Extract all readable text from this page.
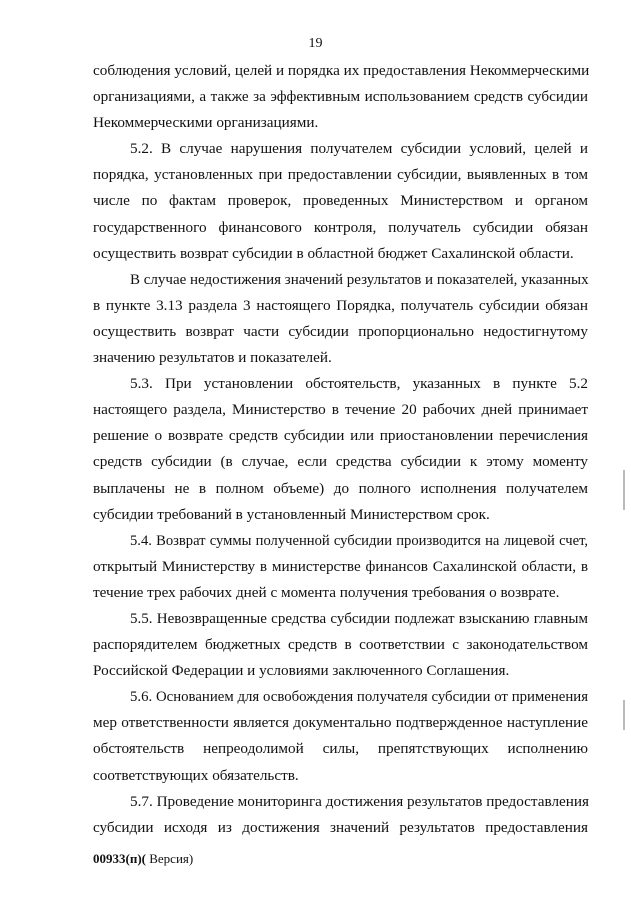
19
соблюдения условий, целей и порядка их предоставления Некоммерческими
организациями, а также за эффективным использованием средств субсидии
Некоммерческими организациями.
5.2. В случае нарушения получателем субсидии условий, целей и
порядка, установленных при предоставлении субсидии, выявленных в том
числе по фактам проверок, проведенных Министерством и органом
государственного финансового контроля, получатель субсидии обязан
осуществить возврат субсидии в областной бюджет Сахалинской области.
В случае недостижения значений результатов и показателей, указанных
в пункте 3.13 раздела 3 настоящего Порядка, получатель субсидии обязан
осуществить возврат части субсидии пропорционально недостигнутому
значению результатов и показателей.
5.3. При установлении обстоятельств, указанных в пункте 5.2
настоящего раздела, Министерство в течение 20 рабочих дней принимает
решение о возврате средств субсидии или приостановлении перечисления
средств субсидии (в случае, если средства субсидии к этому моменту
выплачены не в полном объеме) до полного исполнения получателем
субсидии требований в установленный Министерством срок.
5.4. Возврат суммы полученной субсидии производится на лицевой счет,
открытый Министерству в министерстве финансов Сахалинской области, в
течение трех рабочих дней с момента получения требования о возврате.
5.5. Невозвращенные средства субсидии подлежат взысканию главным
распорядителем бюджетных средств в соответствии с законодательством
Российской Федерации и условиями заключенного Соглашения.
5.6. Основанием для освобождения получателя субсидии от применения
мер ответственности является документально подтвержденное наступление
обстоятельств непреодолимой силы, препятствующих исполнению
соответствующих обязательств.
5.7. Проведение мониторинга достижения результатов предоставления
субсидии исходя из достижения значений результатов предоставления
00933(п)( Версия)
